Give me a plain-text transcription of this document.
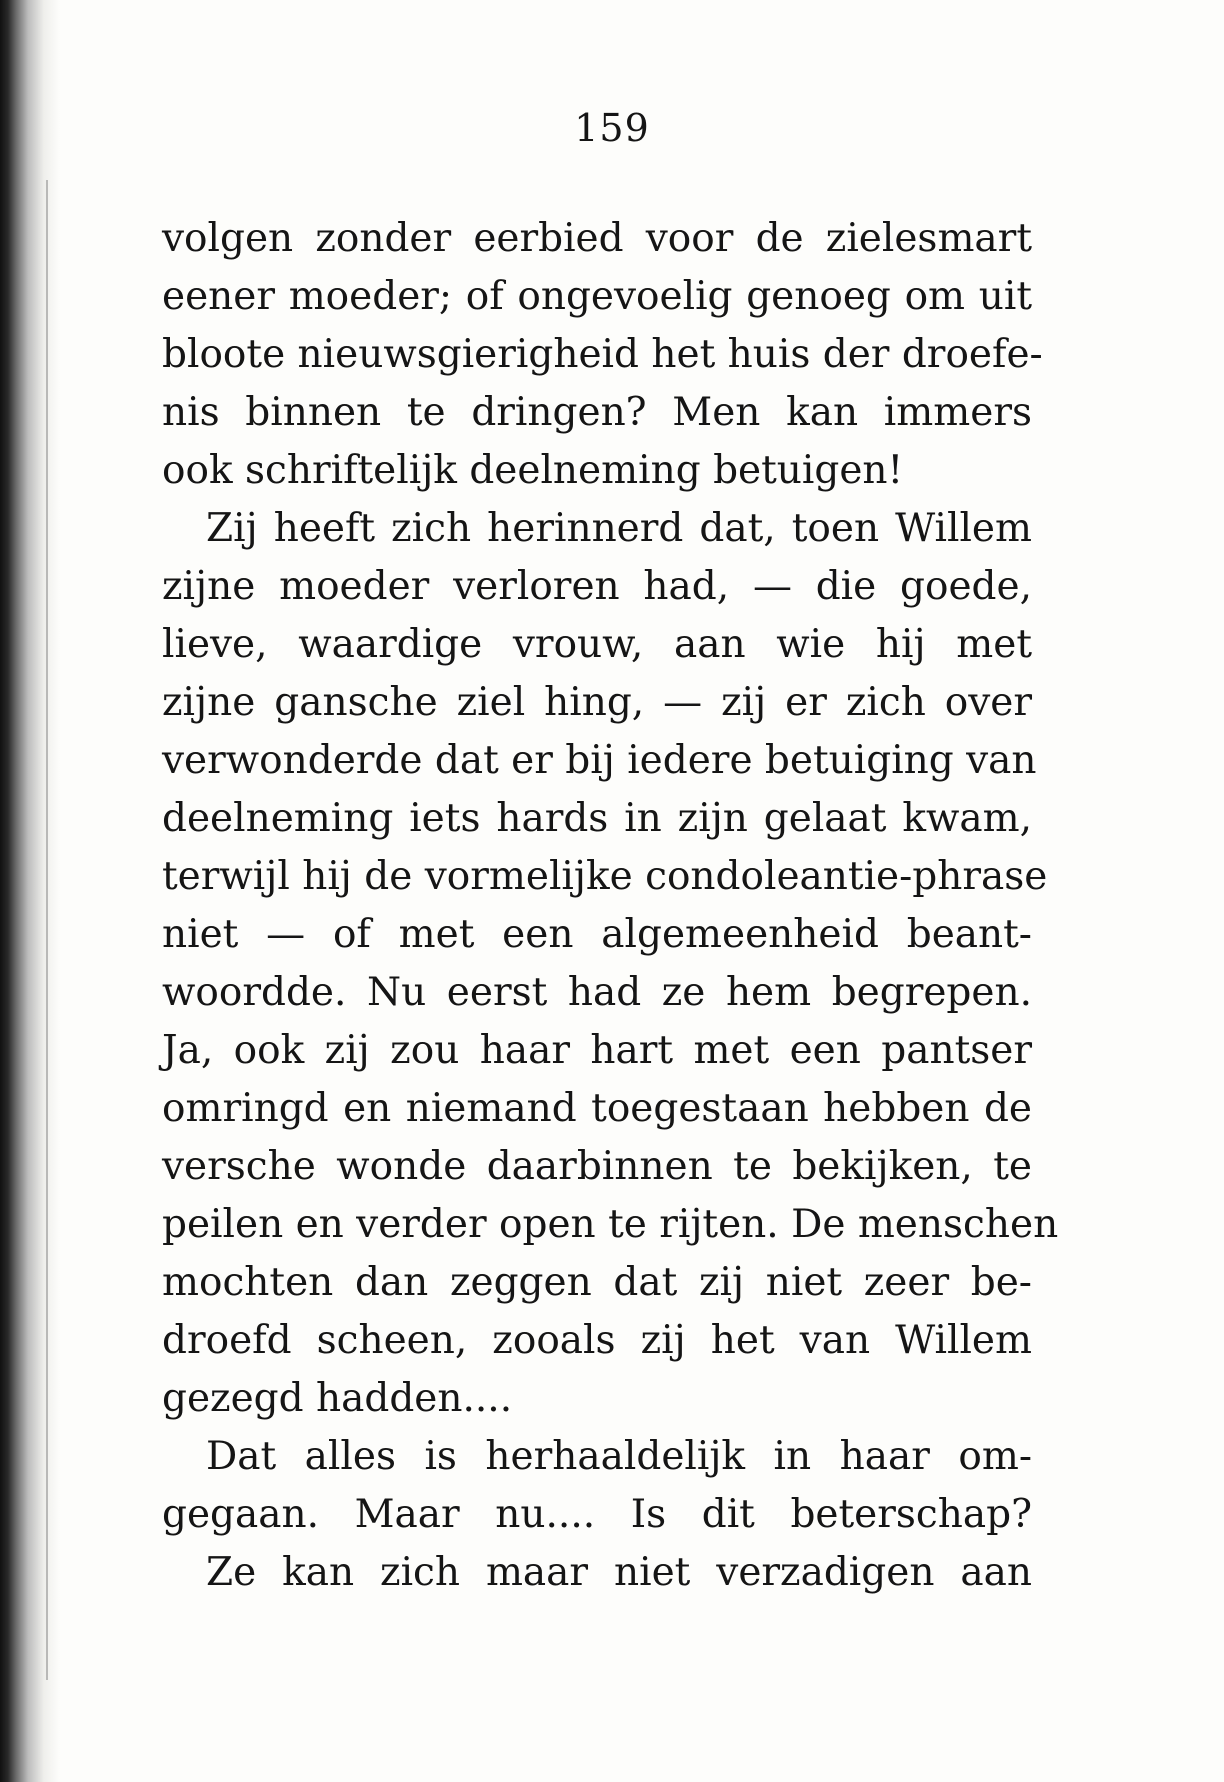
159
volgen zonder eerbied voor de zielesmart
eener moeder; of ongevoelig genoeg om uit
bloote nieuwsgierigheid het huis der droefe-
nis binnen te dringen? Men kan immers
ook schriftelijk deelneming betuigen!
Zij heeft zich herinnerd dat, toen Willem
zijne moeder verloren had, — die goede,
lieve, waardige vrouw, aan wie hij met
zijne gansche ziel hing, — zij er zich over
verwonderde dat er bij iedere betuiging van
deelneming iets hards in zijn gelaat kwam,
terwijl hij de vormelijke condoleantie-phrase
niet — of met een algemeenheid beant-
woordde. Nu eerst had ze hem begrepen.
Ja, ook zij zou haar hart met een pantser
omringd en niemand toegestaan hebben de
versche wonde daarbinnen te bekijken, te
peilen en verder open te rijten. De menschen
mochten dan zeggen dat zij niet zeer be-
droefd scheen, zooals zij het van Willem
gezegd hadden....
Dat alles is herhaaldelijk in haar om-
gegaan. Maar nu.... Is dit beterschap?
Ze kan zich maar niet verzadigen aan
